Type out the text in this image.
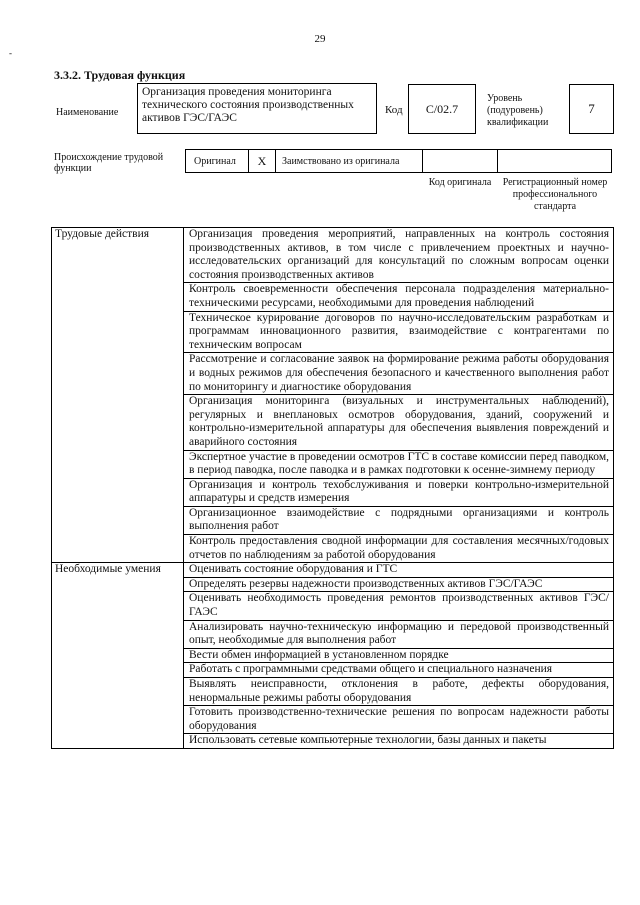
29
-
3.3.2. Трудовая функция
Наименование
Организация проведения мониторинга технического состояния производственных активов ГЭС/ГАЭС
Код	С/02.7
Уровень (подуровень) квалификации
7
Происхождение трудовой функции
Оригинал	X	Заимствовано из оригинала
Код оригинала	Регистрационный номер профессионального стандарта
Трудовые действия	Организация проведения мероприятий, направленных на контроль состояния производственных активов, в том числе с привлечением проектных и научно-исследовательских организаций для консультаций по сложным вопросам оценки состояния производственных активов
	Контроль своевременности обеспечения персонала подразделения материально-техническими ресурсами, необходимыми для проведения наблюдений
	Техническое курирование договоров по научно-исследовательским разработкам и программам инновационного развития, взаимодействие с контрагентами по техническим вопросам
	Рассмотрение и согласование заявок на формирование режима работы оборудования и водных режимов для обеспечения безопасного и качественного выполнения работ по мониторингу и диагностике оборудования
	Организация мониторинга (визуальных и инструментальных наблюдений), регулярных и внеплановых осмотров оборудования, зданий, сооружений и контрольно-измерительной аппаратуры для обеспечения выявления повреждений и аварийного состояния
	Экспертное участие в проведении осмотров ГТС в составе комиссии перед паводком, в период паводка, после паводка и в рамках подготовки к осенне-зимнему периоду
	Организация и контроль техобслуживания и поверки контрольно-измерительной аппаратуры и средств измерения
	Организационное взаимодействие с подрядными организациями и контроль выполнения работ
	Контроль предоставления сводной информации для составления месячных/годовых отчетов по наблюдениям за работой оборудования
Необходимые умения	Оценивать состояние оборудования и ГТС
	Определять резервы надежности производственных активов ГЭС/ГАЭС
	Оценивать необходимость проведения ремонтов производственных активов ГЭС/ГАЭС
	Анализировать научно-техническую информацию и передовой производственный опыт, необходимые для выполнения работ
	Вести обмен информацией в установленном порядке
	Работать с программными средствами общего и специального назначения
	Выявлять неисправности, отклонения в работе, дефекты оборудования, ненормальные режимы работы оборудования
	Готовить производственно-технические решения по вопросам надежности работы оборудования
	Использовать сетевые компьютерные технологии, базы данных и пакеты
